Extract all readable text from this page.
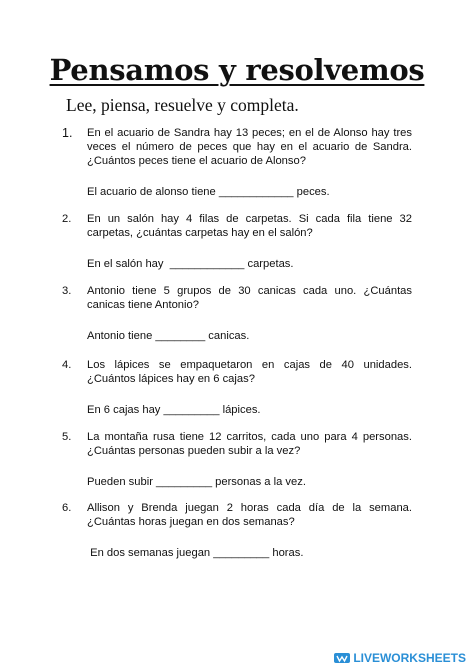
Pensamos y resolvemos
Lee, piensa, resuelve y completa.
1. En el acuario de Sandra hay 13 peces; en el de Alonso hay tres veces el número de peces que hay en el acuario de Sandra. ¿Cuántos peces tiene el acuario de Alonso?
El acuario de alonso tiene ____________ peces.
2. En un salón hay 4 filas de carpetas. Si cada fila tiene 32 carpetas, ¿cuántas carpetas hay en el salón?
En el salón hay  ____________ carpetas.
3. Antonio tiene 5 grupos de 30 canicas cada uno. ¿Cuántas canicas tiene Antonio?
Antonio tiene ________ canicas.
4. Los lápices se empaquetaron en cajas de 40 unidades. ¿Cuántos lápices hay en 6 cajas?
En 6 cajas hay _________ lápices.
5. La montaña rusa tiene 12 carritos, cada uno para 4 personas. ¿Cuántas personas pueden subir a la vez?
Pueden subir _________ personas a la vez.
6. Allison y Brenda juegan 2 horas cada día de la semana. ¿Cuántas horas juegan en dos semanas?
En dos semanas juegan _________ horas.
LIVEWORKSHEETS
